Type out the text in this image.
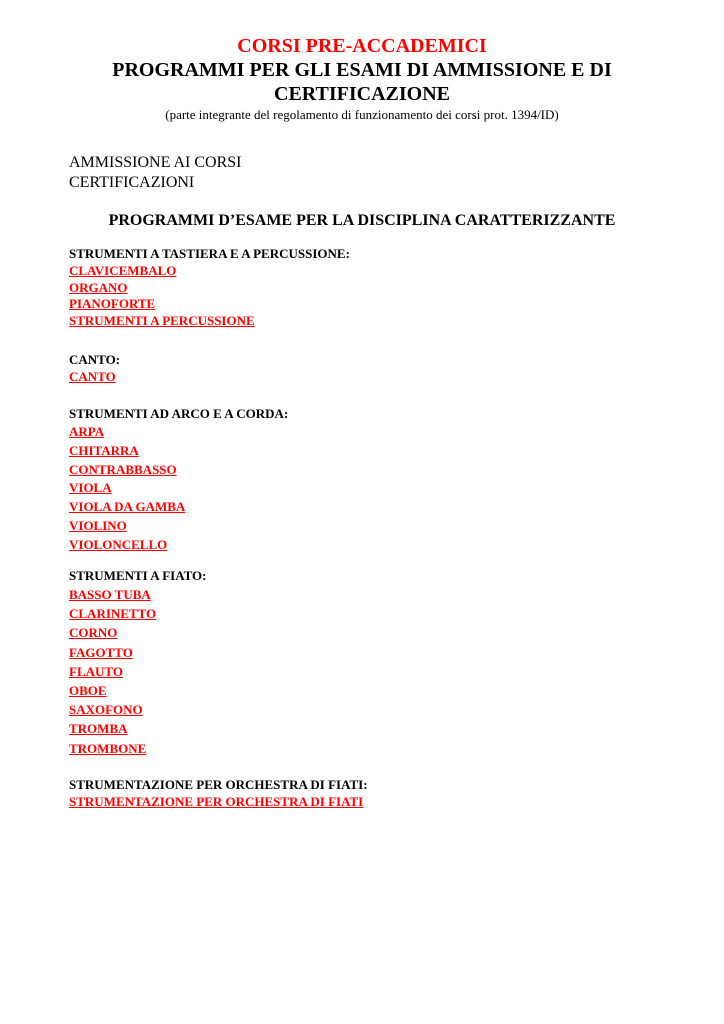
CORSI PRE-ACCADEMICI
PROGRAMMI PER GLI ESAMI DI AMMISSIONE E DI CERTIFICAZIONE
(parte integrante del regolamento di funzionamento dei corsi prot. 1394/ID)
AMMISSIONE AI CORSI
CERTIFICAZIONI
PROGRAMMI D’ESAME PER LA DISCIPLINA CARATTERIZZANTE
STRUMENTI A TASTIERA E A PERCUSSIONE:
CLAVICEMBALO
ORGANO
PIANOFORTE
STRUMENTI A PERCUSSIONE
CANTO:
CANTO
STRUMENTI AD ARCO E A CORDA:
ARPA
CHITARRA
CONTRABBASSO
VIOLA
VIOLA DA GAMBA
VIOLINO
VIOLONCELLO
STRUMENTI A FIATO:
BASSO TUBA
CLARINETTO
CORNO
FAGOTTO
FLAUTO
OBOE
SAXOFONO
TROMBA
TROMBONE
STRUMENTAZIONE PER ORCHESTRA DI FIATI:
STRUMENTAZIONE PER ORCHESTRA DI FIATI
